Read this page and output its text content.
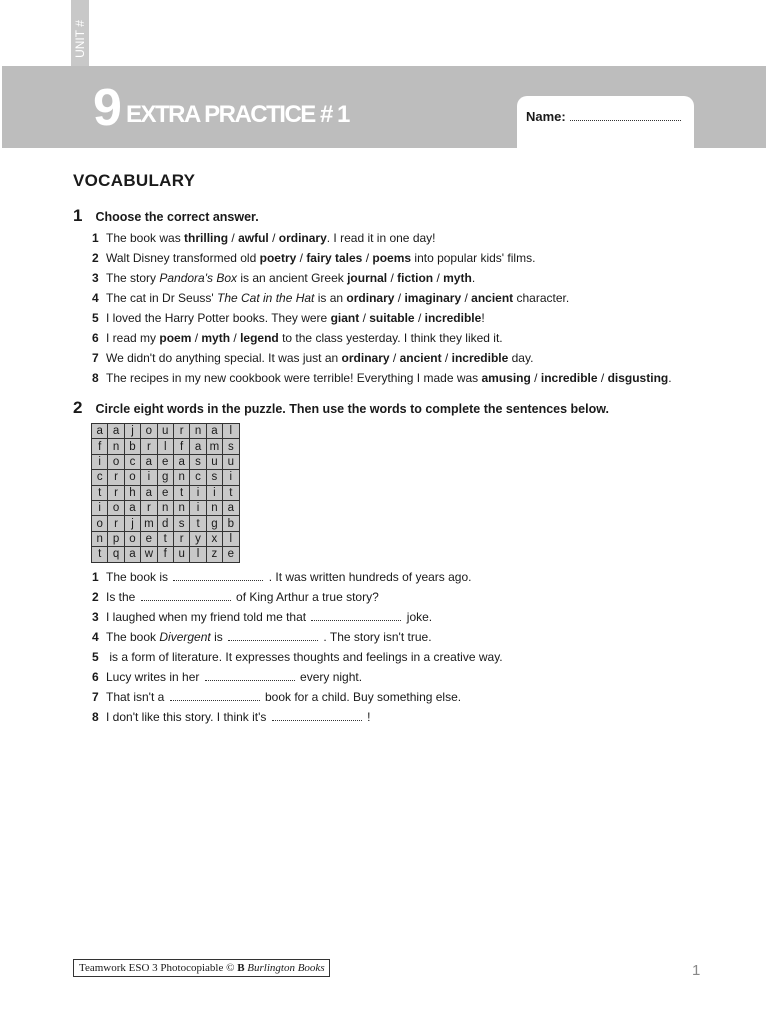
UNIT #
9 EXTRA PRACTICE # 1	Name:
VOCABULARY
1 Choose the correct answer.
1 The book was thrilling / awful / ordinary. I read it in one day!
2 Walt Disney transformed old poetry / fairy tales / poems into popular kids' films.
3 The story Pandora's Box is an ancient Greek journal / fiction / myth.
4 The cat in Dr Seuss' The Cat in the Hat is an ordinary / imaginary / ancient character.
5 I loved the Harry Potter books. They were giant / suitable / incredible!
6 I read my poem / myth / legend to the class yesterday. I think they liked it.
7 We didn't do anything special. It was just an ordinary / ancient / incredible day.
8 The recipes in my new cookbook were terrible! Everything I made was amusing / incredible / disgusting.
2 Circle eight words in the puzzle. Then use the words to complete the sentences below.
a	a	j	o	u	r	n	a	l
f	n	b	r	l	f	a	m	s
i	o	c	a	e	a	s	u	u
c	r	o	i	g	n	c	s	i
t	r	h	a	e	t	i	i	t
i	o	a	r	n	n	i	n	a
o	r	j	m	d	s	t	g	b
n	p	o	e	t	r	y	x	l
t	q	a	w	f	u	l	z	e
1 The book is	. It was written hundreds of years ago.
2 Is the	of King Arthur a true story?
3 I laughed when my friend told me that	joke.
4 The book Divergent is	. The story isn't true.
5 is a form of literature. It expresses thoughts and feelings in a creative way.
6 Lucy writes in her	every night.
7 That isn't a	book for a child. Buy something else.
8 I don't like this story. I think it's	!
Teamwork ESO 3 Photocopiable © B Burlington Books	1
